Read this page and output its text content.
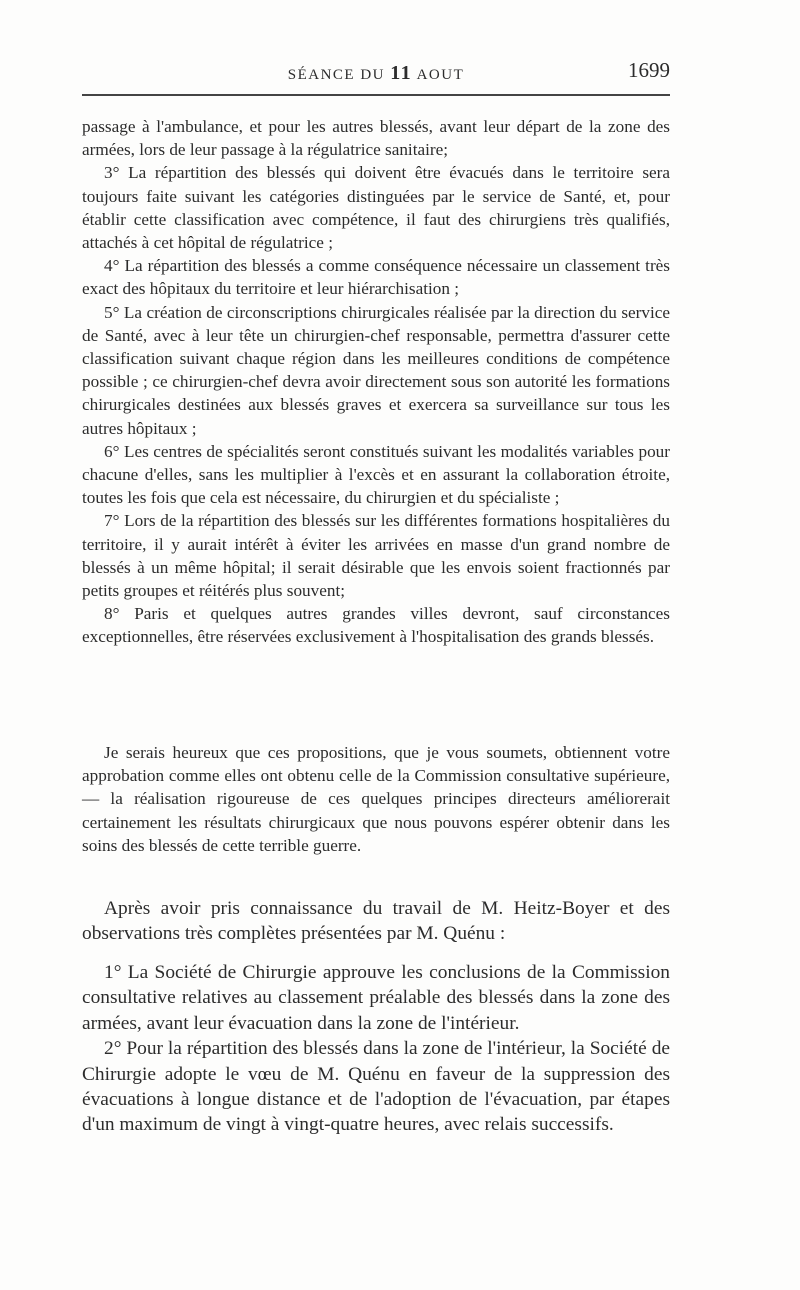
SÉANCE DU 11 AOUT	1699

passage à l'ambulance, et pour les autres blessés, avant leur départ de la zone des armées, lors de leur passage à la régulatrice sanitaire;

3° La répartition des blessés qui doivent être évacués dans le territoire sera toujours faite suivant les catégories distinguées par le service de Santé, et, pour établir cette classification avec compétence, il faut des chirurgiens très qualifiés, attachés à cet hôpital de régulatrice ;

4° La répartition des blessés a comme conséquence nécessaire un classement très exact des hôpitaux du territoire et leur hiérarchisation ;

5° La création de circonscriptions chirurgicales réalisée par la direction du service de Santé, avec à leur tête un chirurgien-chef responsable, permettra d'assurer cette classification suivant chaque région dans les meilleures conditions de compétence possible ; ce chirurgien-chef devra avoir directement sous son autorité les formations chirurgicales destinées aux blessés graves et exercera sa surveillance sur tous les autres hôpitaux ;

6° Les centres de spécialités seront constitués suivant les modalités variables pour chacune d'elles, sans les multiplier à l'excès et en assurant la collaboration étroite, toutes les fois que cela est nécessaire, du chirurgien et du spécialiste ;

7° Lors de la répartition des blessés sur les différentes formations hospitalières du territoire, il y aurait intérêt à éviter les arrivées en masse d'un grand nombre de blessés à un même hôpital; il serait désirable que les envois soient fractionnés par petits groupes et réitérés plus souvent;

8° Paris et quelques autres grandes villes devront, sauf circonstances exceptionnelles, être réservées exclusivement à l'hospitalisation des grands blessés.

Je serais heureux que ces propositions, que je vous soumets, obtiennent votre approbation comme elles ont obtenu celle de la Commission consultative supérieure, — la réalisation rigoureuse de ces quelques principes directeurs améliorerait certainement les résultats chirurgicaux que nous pouvons espérer obtenir dans les soins des blessés de cette terrible guerre.

Après avoir pris connaissance du travail de M. Heitz-Boyer et des observations très complètes présentées par M. Quénu :

1° La Société de Chirurgie approuve les conclusions de la Commission consultative relatives au classement préalable des blessés dans la zone des armées, avant leur évacuation dans la zone de l'intérieur.

2° Pour la répartition des blessés dans la zone de l'intérieur, la Société de Chirurgie adopte le vœu de M. Quénu en faveur de la suppression des évacuations à longue distance et de l'adoption de l'évacuation, par étapes d'un maximum de vingt à vingt-quatre heures, avec relais successifs.
